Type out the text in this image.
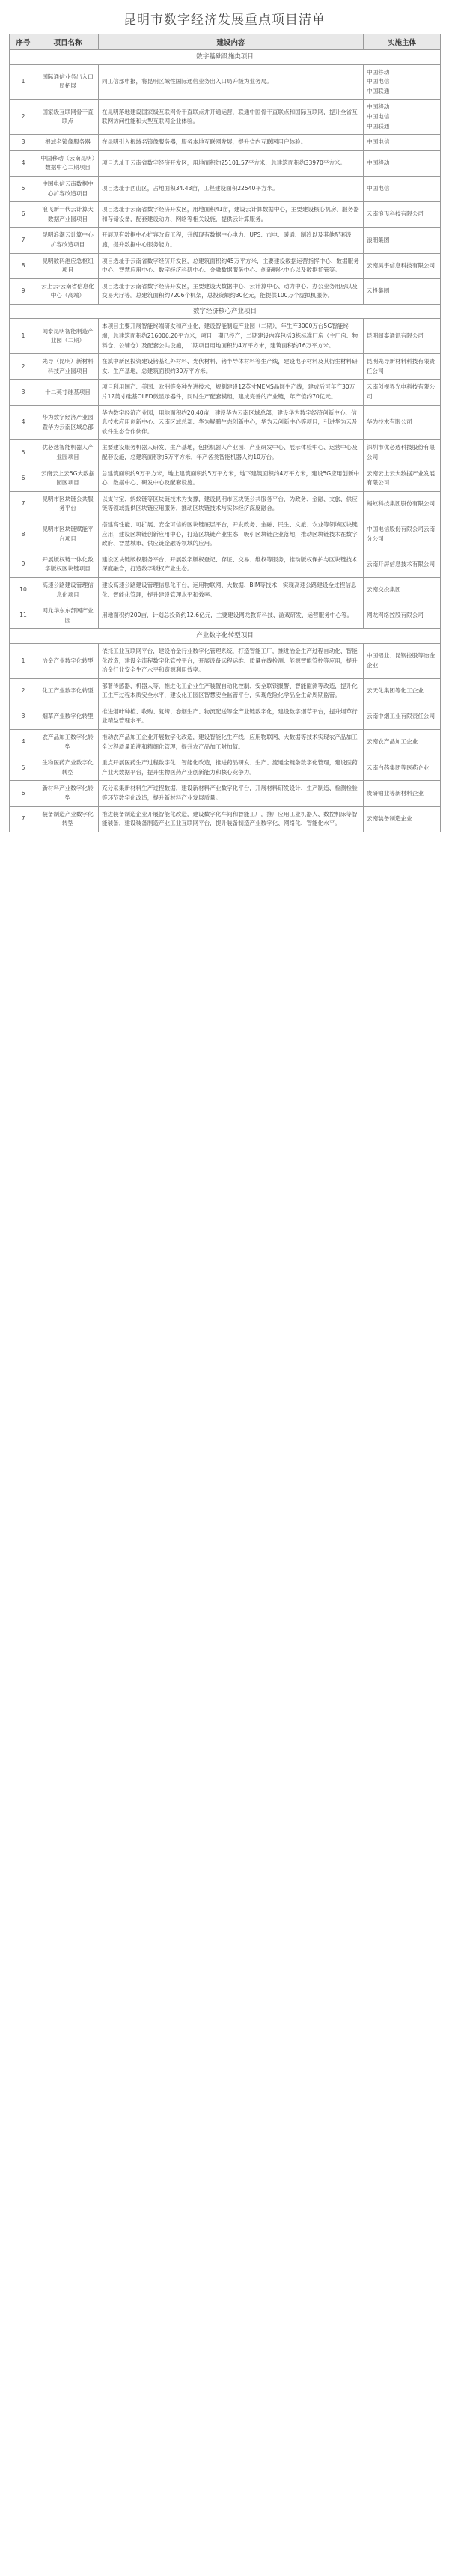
昆明市数字经济发展重点项目清单
序号	项目名称	建设内容	实施主体
数字基础设施类项目			
1	国际通信业务出入口局拓展	同工信部申报，将昆明区域性国际通信业务出入口局升级为业务局。	中国移动
中国电信
中国联通
2	国家级互联网骨干直联点	在昆明落地建设国家级互联网骨干直联点并开通运营，联通中国骨干直联点和国际互联网，提升全省互联网访问性能和大型互联网企业体验。	中国移动
中国电信
中国联通
3	根域名镜像服务器	在昆明引入根域名镜像服务器，服务本地互联网发展，提升省内互联网用户体验。	中国电信
4	中国移动（云南昆明）数据中心二期项目	项目选址于云南省数字经济开发区，用地面积约25101.57平方米，总建筑面积约33970平方米。	中国移动
5	中国电信云南数据中心扩容改造项目	项目选址于西山区，占地面积34.43亩，工程建设面积22540平方米。	中国电信
6	浪飞新一代云计算大数据产业园项目	项目选址于云南省数字经济开发区，用地面积41亩，建设云计算数据中心，主要建设核心机房、服务器和存储设备，配套建设动力、网络等相关设施，提供云计算服务。	云南浪飞科技有限公司
7	昆明浪潮云计算中心扩容改造项目	开展现有数据中心扩容改造工程，升级现有数据中心电力、UPS、市电、暖通、制冷以及其他配套设施，提升数据中心服务能力。	浪潮集团
8	昆明数码港应急枢纽项目	项目选址于云南省数字经济开发区，总建筑面积约45万平方米，主要建设数据运营指挥中心、数据服务中心、智慧应用中心、数字经济科研中心、金融数据服务中心、创新孵化中心以及数据托管等。	云南昊宇信息科技有限公司
9	云上云·云南省信息化中心（高端）	项目选址于云南省数字经济开发区，主要建设大数据中心、云计算中心、动力中心、办公业务用房以及交易大厅等。总建筑面积约7206个机架，总投资额约30亿元，能提供100万个虚拟机服务。	云投集团
数字经济核心产业项目			
1	闻泰昆明智能制造产业园（二期）	本项目主要开展智能终端研发和产业化，建设智能制造产业园（二期），年生产3000万台5G智能终端，总建筑面积约216006.20平方米，项目一期已投产，二期建设内容包括3栋标准厂房（主厂房、物料仓、公辅仓）及配套公共设施，二期项目用地面积约4万平方米，建筑面积约16万平方米。	昆明闻泰通讯有限公司
2	先导（昆明）新材料科技产业园项目	在滇中新区投资建设锗基红外材料、光伏材料、锗半导体材料等生产线，建设电子材料及其衍生材料研发、生产基地，总建筑面积约30万平方米。	昆明先导新材料科技有限责任公司
3	十二英寸硅基项目	项目利用国产、美国、欧洲等多种先进技术，规划建设12英寸MEMS晶圆生产线，建成后可年产30万片12英寸硅基OLED微显示器件，同时生产配套模组，建成完善的产业链，年产值约70亿元。	云南创视界光电科技有限公司
4	华为数字经济产业园暨华为云南区域总部	华为数字经济产业园，用地面积约20.40亩，建设华为云南区域总部，建设华为数字经济创新中心、信息技术应用创新中心、云南区域总部、华为鲲鹏生态创新中心，华为云创新中心等项目，引进华为云及软件生态合作伙伴。	华为技术有限公司
5	优必选智能机器人产业园项目	主要建设服务机器人研发、生产基地，包括机器人产业园、产业研发中心、展示体验中心、运营中心及配套设施，总建筑面积约5万平方米，年产各类智能机器人约10万台。	深圳市优必选科技股份有限公司
6	云南云上云5G大数据园区项目	总建筑面积约9万平方米，地上建筑面积约5万平方米，地下建筑面积约4万平方米，建设5G应用创新中心、数据中心、研发中心及配套设施。	云南云上云大数据产业发展有限公司
7	昆明市区块链公共服务平台	以支付宝、蚂蚁链等区块链技术为支撑，建设昆明市区块链公共服务平台，为政务、金融、文旅、供应链等领域提供区块链应用服务，推动区块链技术与实体经济深度融合。	蚂蚁科技集团股份有限公司
8	昆明市区块链赋能平台项目	搭建高性能、可扩展、安全可信的区块链底层平台，开发政务、金融、民生、文旅、农业等领域区块链应用，建设区块链创新应用中心，打造区块链产业生态，吸引区块链企业落地，推动区块链技术在数字政府、智慧城市、供应链金融等领域的应用。	中国电信股份有限公司云南分公司
9	开展版权链一体化数字版权区块链项目	建设区块链版权服务平台，开展数字版权登记、存证、交易、维权等服务，推动版权保护与区块链技术深度融合，打造数字版权产业生态。	云南开屏信息技术有限公司
10	高速公路建设管理信息化项目	建设高速公路建设管理信息化平台，运用物联网、大数据、BIM等技术，实现高速公路建设全过程信息化、智能化管理，提升建设管理水平和效率。	云南交投集团
11	网龙华东东部网产业园	用地面积约200亩，计划总投资约12.6亿元，主要建设网龙教育科技、游戏研发、运营服务中心等。	网龙网络控股有限公司
产业数字化转型项目			
1	冶金产业数字化转型	依托工业互联网平台，建设冶金行业数字化管理系统，打造智能工厂，推进冶金生产过程自动化、智能化改造，建设全流程数字化管控平台，开展设备远程运维、质量在线检测、能源智能管控等应用，提升冶金行业安全生产水平和资源利用效率。	中国铝业、昆钢控股等冶金企业
2	化工产业数字化转型	部署传感器、机器人等，推进化工企业生产装置自动化控制、安全联锁报警、智能监测等改造，提升化工生产过程本质安全水平，建设化工园区智慧安全监管平台，实现危险化学品全生命周期监管。	云天化集团等化工企业
3	烟草产业数字化转型	推进烟叶种植、收购、复烤、卷烟生产、物流配送等全产业链数字化，建设数字烟草平台，提升烟草行业精益管理水平。	云南中烟工业有限责任公司
4	农产品加工数字化转型	推动农产品加工企业开展数字化改造，建设智能化生产线，应用物联网、大数据等技术实现农产品加工全过程质量追溯和精细化管理，提升农产品加工附加值。	云南农产品加工企业
5	生物医药产业数字化转型	重点开展医药生产过程数字化、智能化改造，推进药品研发、生产、流通全链条数字化管理，建设医药产业大数据平台，提升生物医药产业创新能力和核心竞争力。	云南白药集团等医药企业
6	新材料产业数字化转型	充分采集新材料生产过程数据，建设新材料产业数字化平台，开展材料研发设计、生产制造、检测检验等环节数字化改造，提升新材料产业发展质量。	贵研铂业等新材料企业
7	装备制造产业数字化转型	推进装备制造企业开展智能化改造，建设数字化车间和智能工厂，推广应用工业机器人、数控机床等智能装备，建设装备制造产业工业互联网平台，提升装备制造产业数字化、网络化、智能化水平。	云南装备制造企业
